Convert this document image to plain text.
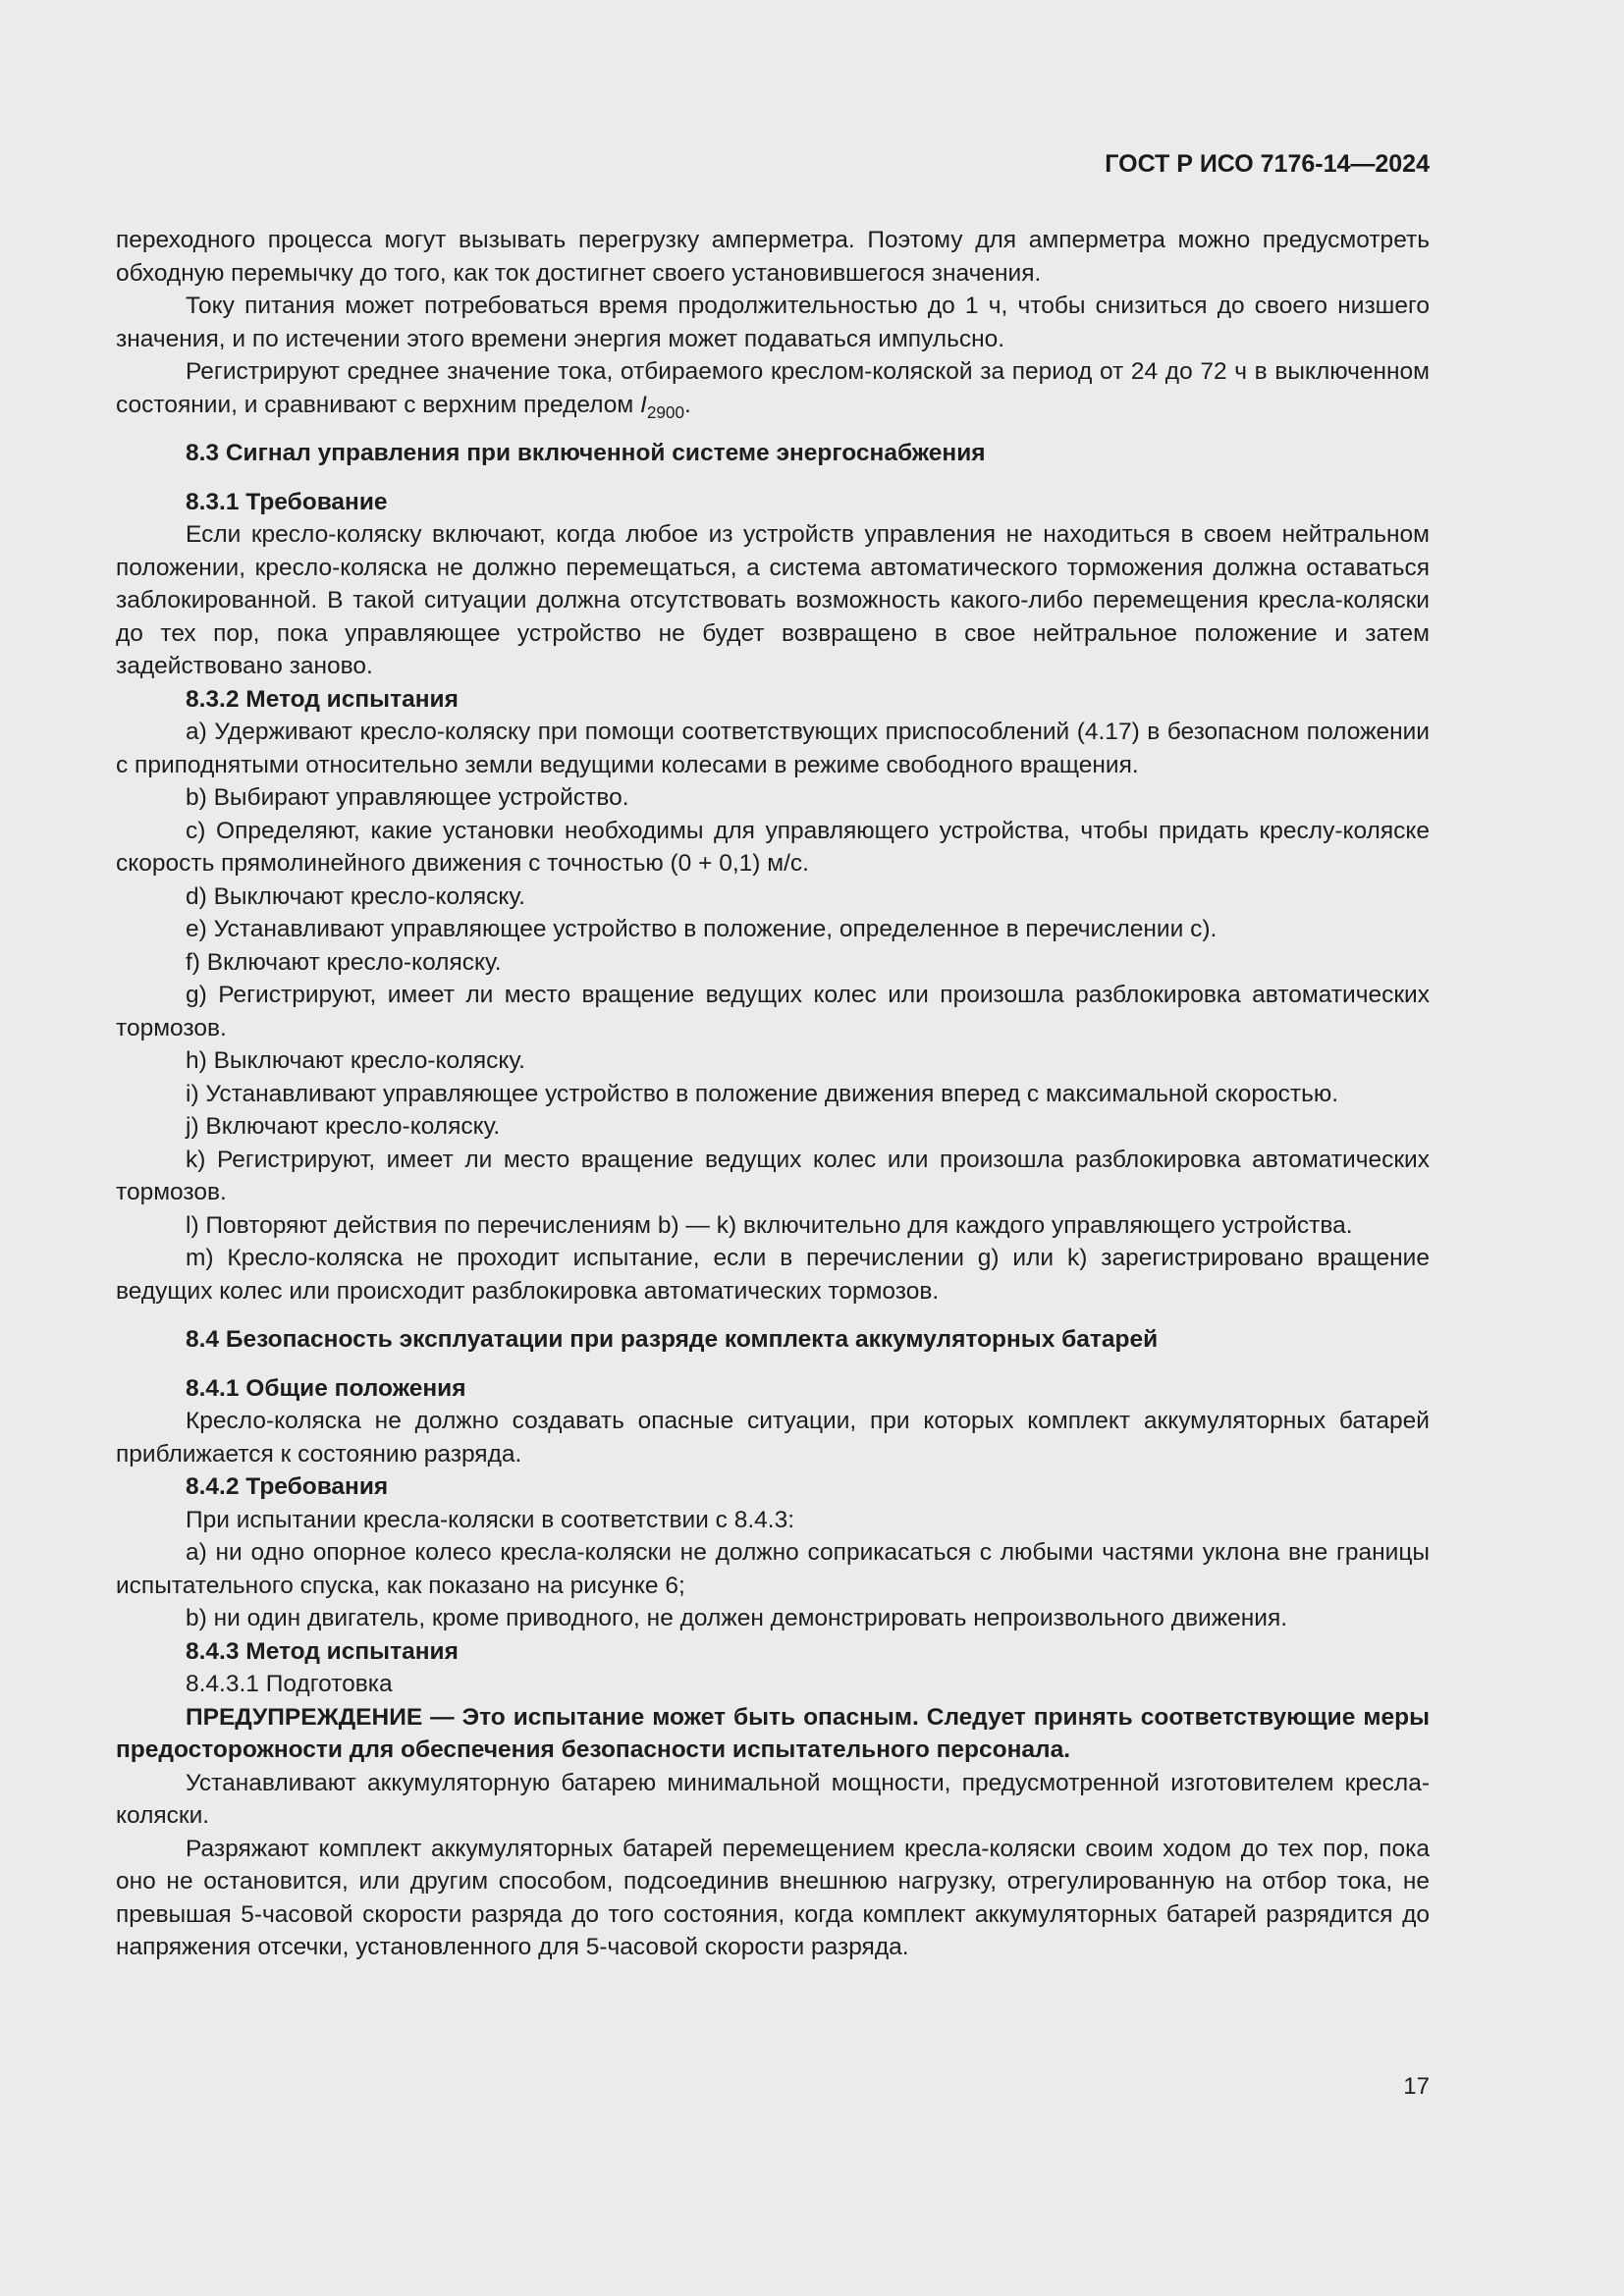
ГОСТ Р ИСО 7176-14—2024

переходного процесса могут вызывать перегрузку амперметра. Поэтому для амперметра можно предусмотреть обходную перемычку до того, как ток достигнет своего установившегося значения.

Току питания может потребоваться время продолжительностью до 1 ч, чтобы снизиться до своего низшего значения, и по истечении этого времени энергия может подаваться импульсно.

Регистрируют среднее значение тока, отбираемого креслом-коляской за период от 24 до 72 ч в выключенном состоянии, и сравнивают с верхним пределом $I_{2900}$.

8.3 Сигнал управления при включенной системе энергоснабжения

8.3.1 Требование

Если кресло-коляску включают, когда любое из устройств управления не находиться в своем нейтральном положении, кресло-коляска не должно перемещаться, а система автоматического торможения должна оставаться заблокированной. В такой ситуации должна отсутствовать возможность какого-либо перемещения кресла-коляски до тех пор, пока управляющее устройство не будет возвращено в свое нейтральное положение и затем задействовано заново.

8.3.2 Метод испытания

a) Удерживают кресло-коляску при помощи соответствующих приспособлений (4.17) в безопасном положении с приподнятыми относительно земли ведущими колесами в режиме свободного вращения.

b) Выбирают управляющее устройство.

c) Определяют, какие установки необходимы для управляющего устройства, чтобы придать креслу-коляске скорость прямолинейного движения с точностью (0 + 0,1) м/с.

d) Выключают кресло-коляску.

e) Устанавливают управляющее устройство в положение, определенное в перечислении c).

f) Включают кресло-коляску.

g) Регистрируют, имеет ли место вращение ведущих колес или произошла разблокировка автоматических тормозов.

h) Выключают кресло-коляску.

i) Устанавливают управляющее устройство в положение движения вперед с максимальной скоростью.

j) Включают кресло-коляску.

k) Регистрируют, имеет ли место вращение ведущих колес или произошла разблокировка автоматических тормозов.

l) Повторяют действия по перечислениям b) — k) включительно для каждого управляющего устройства.

m) Кресло-коляска не проходит испытание, если в перечислении g) или k) зарегистрировано вращение ведущих колес или происходит разблокировка автоматических тормозов.

8.4 Безопасность эксплуатации при разряде комплекта аккумуляторных батарей

8.4.1 Общие положения

Кресло-коляска не должно создавать опасные ситуации, при которых комплект аккумуляторных батарей приближается к состоянию разряда.

8.4.2 Требования

При испытании кресла-коляски в соответствии с 8.4.3:

a) ни одно опорное колесо кресла-коляски не должно соприкасаться с любыми частями уклона вне границы испытательного спуска, как показано на рисунке 6;

b) ни один двигатель, кроме приводного, не должен демонстрировать непроизвольного движения.

8.4.3 Метод испытания

8.4.3.1 Подготовка

ПРЕДУПРЕЖДЕНИЕ — Это испытание может быть опасным. Следует принять соответствующие меры предосторожности для обеспечения безопасности испытательного персонала.

Устанавливают аккумуляторную батарею минимальной мощности, предусмотренной изготовителем кресла-коляски.

Разряжают комплект аккумуляторных батарей перемещением кресла-коляски своим ходом до тех пор, пока оно не остановится, или другим способом, подсоединив внешнюю нагрузку, отрегулированную на отбор тока, не превышая 5-часовой скорости разряда до того состояния, когда комплект аккумуляторных батарей разрядится до напряжения отсечки, установленного для 5-часовой скорости разряда.

17
